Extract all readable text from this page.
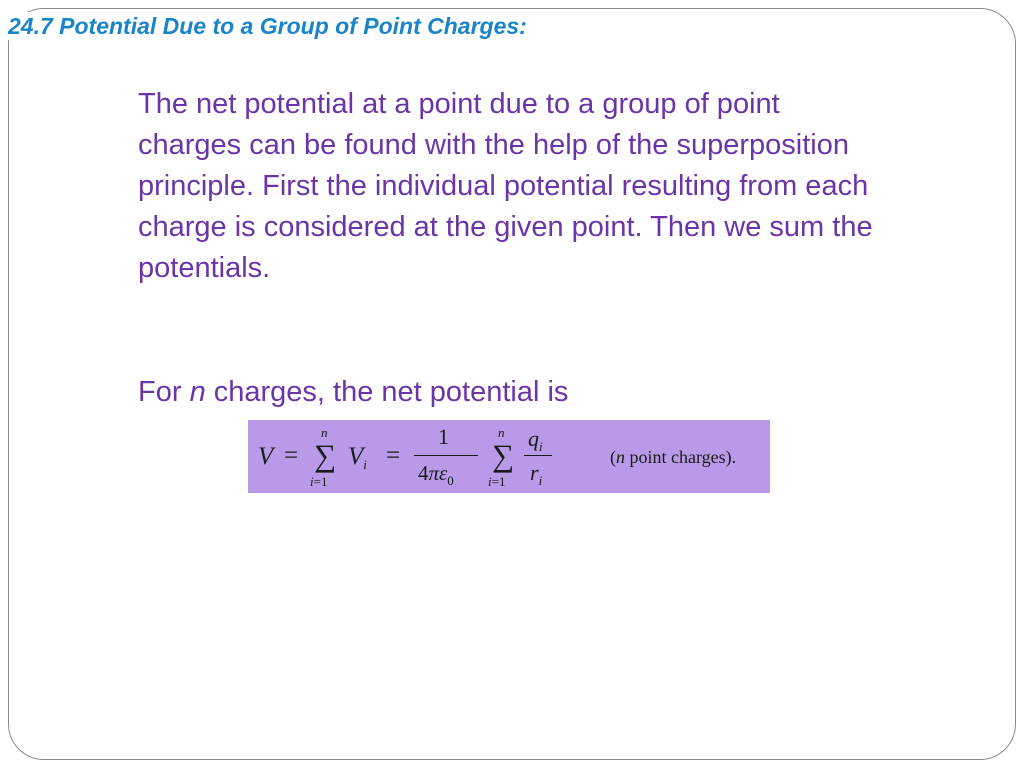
24.7 Potential Due to a Group of Point Charges:

The net potential at a point due to a group of point charges can be found with the help of the superposition principle. First the individual potential resulting from each charge is considered at the given point. Then we sum the potentials.

For n charges, the net potential is

V =
n
∑
i=1
$V_i$ =
1
$4\pi\varepsilon_0$
n
∑
i=1
$q_i$
$r_i$
(n point charges).
